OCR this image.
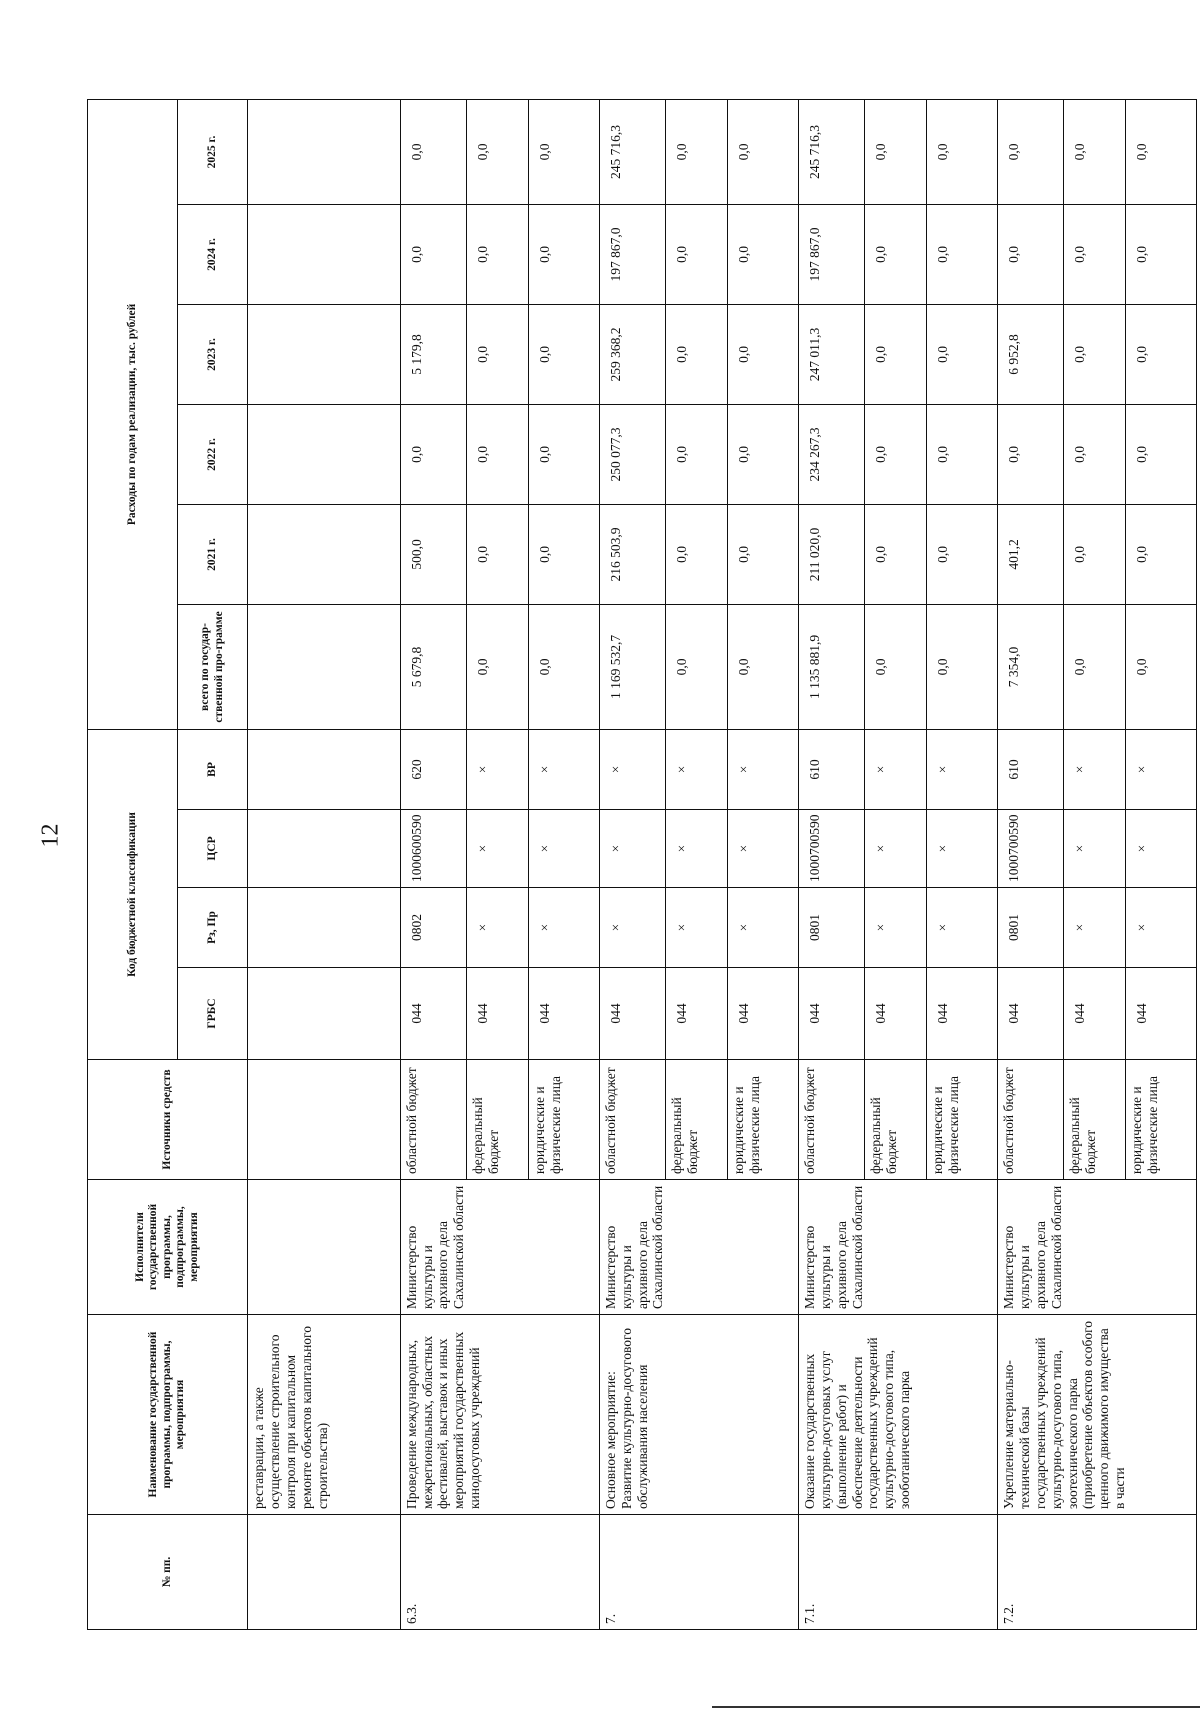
12
№ пп.	Наименование государственной программы, подпрограммы, мероприятия	Исполнители государственной программы, подпрограммы, мероприятия	Источники средств	Код бюджетной классификации				Расходы по годам реализации, тыс. рублей					
				ГРБС	Рз, Пр	ЦСР	ВР	всего по государ-ственной про-грамме	2021 г.	2022 г.	2023 г.	2024 г.	2025 г.
	реставрации, а также осуществление строительного контроля при капитальном ремонте объектов капитального строительства)												
6.3.	Проведение международных, межрегиональных, областных фестивалей, выставок и иных мероприятий государственных кинодосуговых учреждений	Министерство культуры и архивного дела Сахалинской области	областной бюджет	044	0802	1000600590	620	5 679,8	500,0	0,0	5 179,8	0,0	0,0
			федеральный бюджет	044	×	×	×	0,0	0,0	0,0	0,0	0,0	0,0
			юридические и физические лица	044	×	×	×	0,0	0,0	0,0	0,0	0,0	0,0
7.	Основное мероприятие: Развитие культурно-досугового обслуживания населения	Министерство культуры и архивного дела Сахалинской области	областной бюджет	044	×	×	×	1 169 532,7	216 503,9	250 077,3	259 368,2	197 867,0	245 716,3
			федеральный бюджет	044	×	×	×	0,0	0,0	0,0	0,0	0,0	0,0
			юридические и физические лица	044	×	×	×	0,0	0,0	0,0	0,0	0,0	0,0
7.1.	Оказание государственных культурно-досуговых услуг (выполнение работ) и обеспечение деятельности государственных учреждений культурно-досугового типа, зооботанического парка	Министерство культуры и архивного дела Сахалинской области	областной бюджет	044	0801	1000700590	610	1 135 881,9	211 020,0	234 267,3	247 011,3	197 867,0	245 716,3
			федеральный бюджет	044	×	×	×	0,0	0,0	0,0	0,0	0,0	0,0
			юридические и физические лица	044	×	×	×	0,0	0,0	0,0	0,0	0,0	0,0
7.2.	Укрепление материально-технической базы государственных учреждений культурно-досугового типа, зоотехнического парка (приобретение объектов особого ценного движимого имущества в части	Министерство культуры и архивного дела Сахалинской области	областной бюджет	044	0801	1000700590	610	7 354,0	401,2	0,0	6 952,8	0,0	0,0
			федеральный бюджет	044	×	×	×	0,0	0,0	0,0	0,0	0,0	0,0
			юридические и физические лица	044	×	×	×	0,0	0,0	0,0	0,0	0,0	0,0
